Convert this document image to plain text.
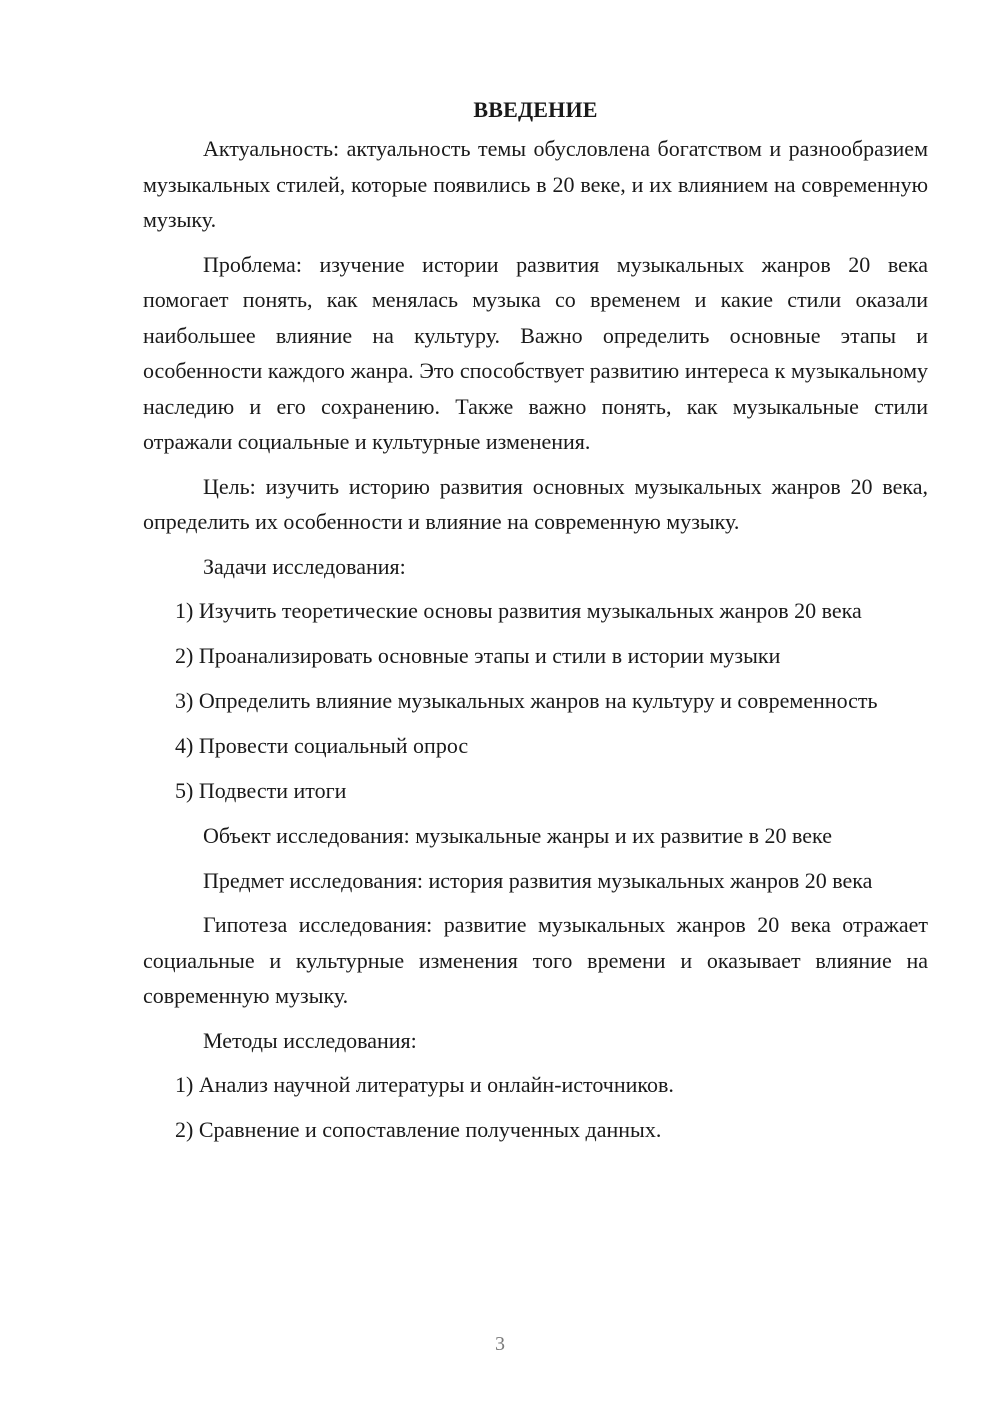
ВВЕДЕНИЕ

Актуальность: актуальность темы обусловлена богатством и разнообразием музыкальных стилей, которые появились в 20 веке, и их влиянием на современную музыку.

Проблема: изучение истории развития музыкальных жанров 20 века помогает понять, как менялась музыка со временем и какие стили оказали наибольшее влияние на культуру. Важно определить основные этапы и особенности каждого жанра. Это способствует развитию интереса к музыкальному наследию и его сохранению. Также важно понять, как музыкальные стили отражали социальные и культурные изменения.

Цель: изучить историю развития основных музыкальных жанров 20 века, определить их особенности и влияние на современную музыку.

Задачи исследования:

1) Изучить теоретические основы развития музыкальных жанров 20 века

2) Проанализировать основные этапы и стили в истории музыки

3) Определить влияние музыкальных жанров на культуру и современность

4) Провести социальный опрос

5) Подвести итоги

Объект исследования: музыкальные жанры и их развитие в 20 веке

Предмет исследования: история развития музыкальных жанров 20 века

Гипотеза исследования: развитие музыкальных жанров 20 века отражает социальные и культурные изменения того времени и оказывает влияние на современную музыку.

Методы исследования:

1) Анализ научной литературы и онлайн-источников.

2) Сравнение и сопоставление полученных данных.

3
